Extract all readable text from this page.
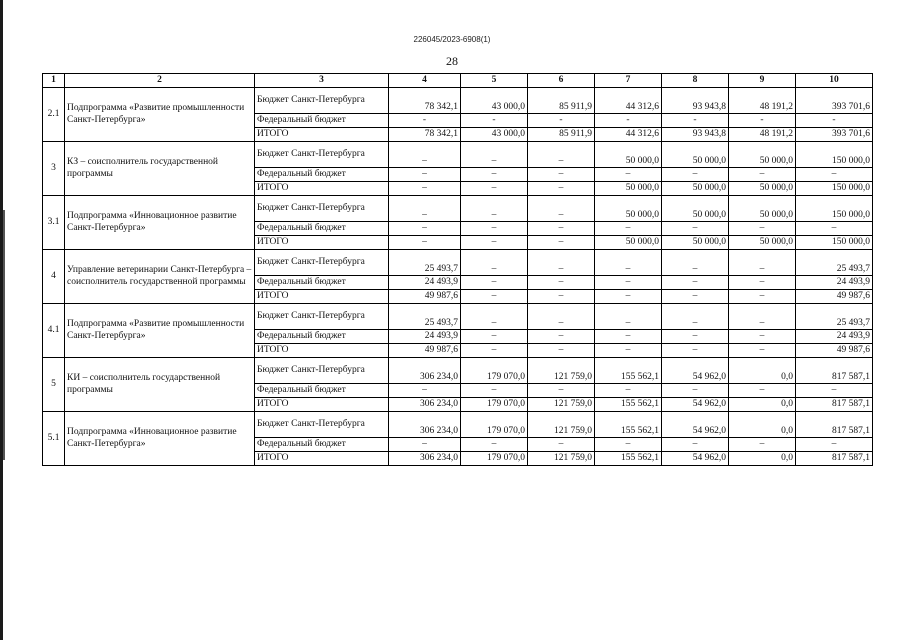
226045/2023-6908(1)
28
1	2	3	4	5	6	7	8	9	10
2.1	Подпрограмма «Развитие промышленности Санкт-Петербурга»	Бюджет Санкт-Петербурга	78 342,1	43 000,0	85 911,9	44 312,6	93 943,8	48 191,2	393 701,6
		Федеральный бюджет	-	-	-	-	-	-	-
		ИТОГО	78 342,1	43 000,0	85 911,9	44 312,6	93 943,8	48 191,2	393 701,6
3	КЗ – соисполнитель государственной программы	Бюджет Санкт-Петербурга	–	–	–	50 000,0	50 000,0	50 000,0	150 000,0
		Федеральный бюджет	–	–	–	–	–	–	–
		ИТОГО	–	–	–	50 000,0	50 000,0	50 000,0	150 000,0
3.1	Подпрограмма «Инновационное развитие Санкт-Петербурга»	Бюджет Санкт-Петербурга	–	–	–	50 000,0	50 000,0	50 000,0	150 000,0
		Федеральный бюджет	–	–	–	–	–	–	–
		ИТОГО	–	–	–	50 000,0	50 000,0	50 000,0	150 000,0
4	Управление ветеринарии Санкт-Петербурга – соисполнитель государственной программы	Бюджет Санкт-Петербурга	25 493,7	–	–	–	–	–	25 493,7
		Федеральный бюджет	24 493,9	–	–	–	–	–	24 493,9
		ИТОГО	49 987,6	–	–	–	–	–	49 987,6
4.1	Подпрограмма «Развитие промышленности Санкт-Петербурга»	Бюджет Санкт-Петербурга	25 493,7	–	–	–	–	–	25 493,7
		Федеральный бюджет	24 493,9	–	–	–	–	–	24 493,9
		ИТОГО	49 987,6	–	–	–	–	–	49 987,6
5	КИ – соисполнитель государственной программы	Бюджет Санкт-Петербурга	306 234,0	179 070,0	121 759,0	155 562,1	54 962,0	0,0	817 587,1
		Федеральный бюджет	–	–	–	–	–	–	–
		ИТОГО	306 234,0	179 070,0	121 759,0	155 562,1	54 962,0	0,0	817 587,1
5.1	Подпрограмма «Инновационное развитие Санкт-Петербурга»	Бюджет Санкт-Петербурга	306 234,0	179 070,0	121 759,0	155 562,1	54 962,0	0,0	817 587,1
		Федеральный бюджет	–	–	–	–	–	–	–
		ИТОГО	306 234,0	179 070,0	121 759,0	155 562,1	54 962,0	0,0	817 587,1
